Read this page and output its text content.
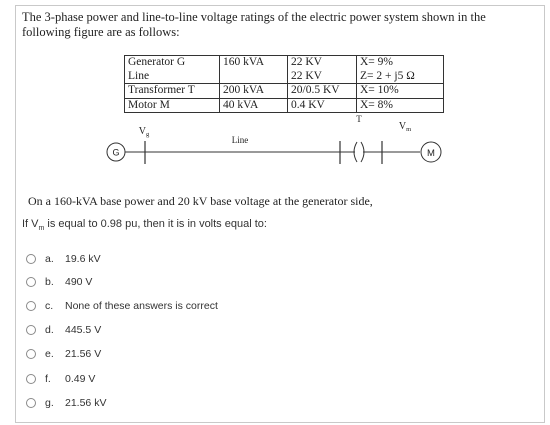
The 3-phase power and line-to-line voltage ratings of the electric power system shown in the following figure are as follows:
Generator G	160 kVA	22 KV	X= 9%
Line		22 KV	Z= 2 + j5 Ω
Transformer T	200 kVA	20/0.5 KV	X= 10%
Motor M	40 kVA	0.4 KV	X= 8%
G	M
$V_g$
Line
T
$V_m$
On a 160-kVA base power and 20 kV base voltage at the generator side,
If $V_m$ is equal to 0.98 pu, then it is in volts equal to:
a.	19.6 kV
b.	490 V
c.	None of these answers is correct
d.	445.5 V
e.	21.56 V
f.	0.49 V
g.	21.56 kV
